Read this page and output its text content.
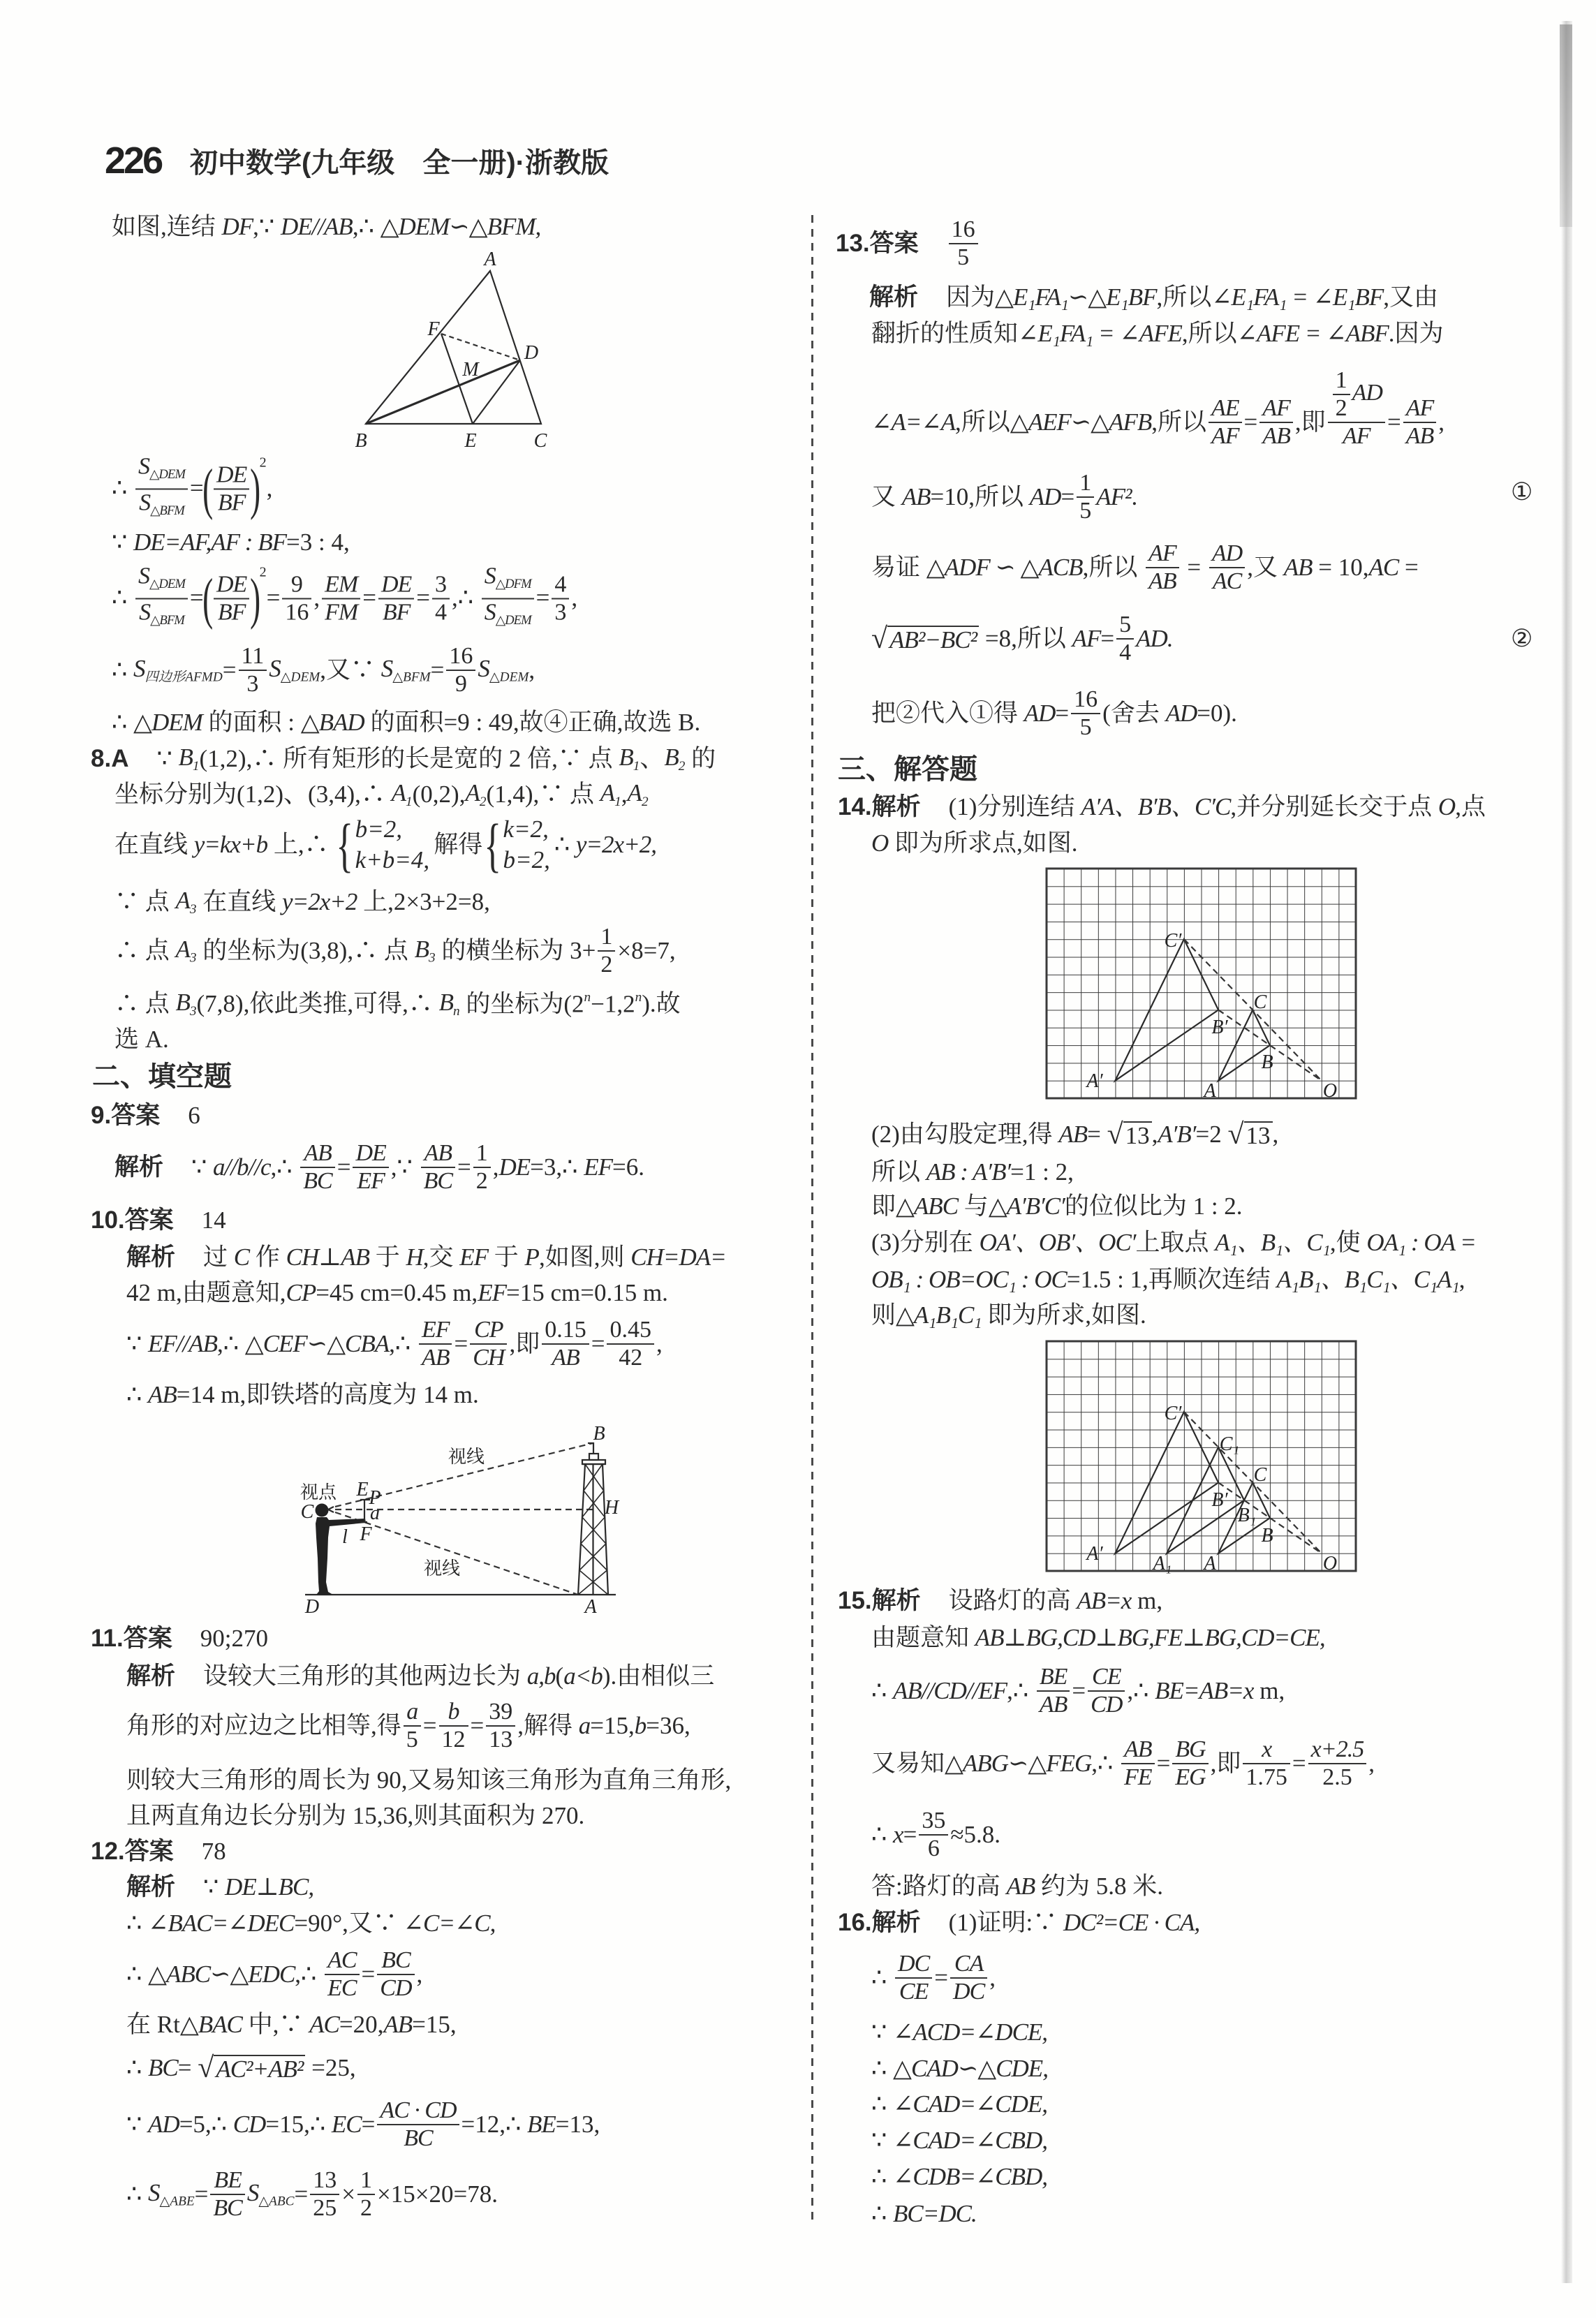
226 初中数学(九年级　全一册)·浙教版
如图,连结 DF ,∵ DE//AB ,∴ △DEM∽△BFM,
A
F
D
M
B	E	C
∴ $\frac{S_{\triangle DEM}}{S_{\triangle BFM}}$ =
( $\frac{DE}{BF}$ )
2
,
∵ DE=AF,AF : BF =3 : 4,
∴ $\frac{S_{\triangle DEM}}{S_{\triangle BFM}}$ =
( $\frac{DE}{BF}$ )
2
= $\frac{9}{16}$ , $\frac{EM}{FM} = \frac{DE}{BF} = \frac{3}{4}$ ,∴ $\frac{S_{\triangle DFM}}{S_{\triangle DEM}} = \frac{4}{3}$ ,
∴ $S_{四边形AFMD} = \frac{11}{3} S_{\triangle DEM}$ ,又∵ $S_{\triangle BFM} = \frac{16}{9} S_{\triangle DEM}$ ,
∴ △DEM 的面积 : △BAD 的面积=9 : 49,故④正确,故选 B.
8.A ∵ $B_1$ (1,2),∴ 所有矩形的长是宽的 2 倍,∵ 点 $B_1$ 、 $B_2$ 的
坐标分别为(1,2)、(3,4),∴ $A_1$ (0,2), $A_2$ (1,4),∵ 点 $A_1$ , $A_2$
在直线 y=kx+b 上,∴ { b=2,
k+b=4,
解得 { k=2,
b=2,
∴ y=2x+2,
∵ 点 $A_3$ 在直线 y=2x+2 上,2×3+2=8,
∴ 点 $A_3$ 的坐标为(3,8),∴ 点 $B_3$ 的横坐标为 $3+ \frac{1}{2} \times 8=7$,
∴ 点 $B_3$ (7,8),依此类推,可得,∴ $B_n$ 的坐标为($2^n -1,2^n$ ).故
选 A.
二、填空题
9.答案 6
解析 ∵ a//b//c ,∴ $\frac{AB}{BC} = \frac{DE}{EF}$ ,∵ $\frac{AB}{BC} = \frac{1}{2}$ , DE =3,∴ EF =6.
10.答案 14
解析 过 C 作 CH⊥AB 于 H ,交 EF 于 P ,如图,则 CH=DA=
42 m,由题意知, CP =45 cm=0.45 m, EF =15 cm=0.15 m.
∵ EF//AB ,∴ △CEF∽△CBA ,∴ $\frac{EF}{AB} = \frac{CP}{CH}$ ,即 $\frac{0.15}{AB} = \frac{0.45}{42}$ ,
∴ AB =14 m,即铁塔的高度为 14 m.
视点
C
E P
a
l F
视线
视线
B
H
D	A
11.答案 90;270
解析 设较大三角形的其他两边长为 a,b ( a<b ).由相似三
角形的对应边之比相等,得 $\frac{a}{5} = \frac{b}{12} = \frac{39}{13}$ ,解得 a =15, b =36,
则较大三角形的周长为 90,又易知该三角形为直角三角形,
且两直角边长分别为 15,36,则其面积为 270.
12.答案 78
解析 ∵ DE⊥BC,
∴ ∠BAC=∠DEC =90°,又∵ ∠C=∠C,
∴ △ABC∽△EDC ,∴ $\frac{AC}{EC} = \frac{BC}{CD}$ ,
在 Rt △BAC 中,∵ AC =20, AB =15,
∴ BC = √ AC²+AB² =25,
∵ AD =5,∴ CD =15,∴ EC = $\frac{AC \cdot CD}{BC}$ =12,∴ BE =13,
∴ $S_{\triangle ABE} = \frac{BE}{BC} S_{\triangle ABC} = \frac{13}{25} \times \frac{1}{2} \times 15\times 20=78$.
13.答案 $\frac{16}{5}$
解析 因为 △E₁FA₁∽△E₁BF ,所以 ∠E₁FA₁ = ∠E₁BF ,又由
翻折的性质知 ∠E₁FA₁ = ∠AFE ,所以 ∠AFE = ∠ABF .因为
∠A=∠A ,所以 △AEF∽△AFB ,所以 $\frac{AE}{AF} = \frac{AF}{AB}$ ,即 $\frac{\frac{1}{2} AD}{AF} = \frac{AF}{AB}$ ,
又 AB =10,所以 AD = $\frac{1}{5} AF^2$ .	①
易证 △ADF ∽ △ACB ,所以 $\frac{AF}{AB} = \frac{AD}{AC}$ ,又 AB = 10, AC =
√ AB²−BC² =8,所以 AF = $\frac{5}{4}$ AD.	②
把②代入①得 AD = $\frac{16}{5}$ (舍去 AD =0).
三、解答题
14.解析 (1)分别连结 A′A、B′B、C′C ,并分别延长交于点 O ,点
O 即为所求点,如图.
C′
B′
C
B
A′	A	O
(2)由勾股定理,得 AB = √ 13 , A′B′ =2 √ 13 ,
所以 AB : A′B′ =1 : 2,
即 △ABC 与 △A′B′C′ 的位似比为 1 : 2.
(3)分别在 OA′、OB′、OC′ 上取点 A₁、B₁、C₁ ,使 OA₁ : OA =
OB₁ : OB=OC₁ : OC =1.5 : 1,再顺次连结 A₁B₁、B₁C₁、C₁A₁ ,
则 △A₁B₁C₁ 即为所求,如图.
C′
C₁
C
B′
B₁
B
A′	A₁ A	O
15.解析 设路灯的高 AB=x m,
由题意知 AB⊥BG,CD⊥BG,FE⊥BG,CD=CE,
∴ AB//CD//EF ,∴ $\frac{BE}{AB} = \frac{CE}{CD}$ ,∴ BE=AB=x m,
又易知 △ABG∽△FEG ,∴ $\frac{AB}{FE} = \frac{BG}{EG}$ ,即 $\frac{x}{1.75} = \frac{x+2.5}{2.5}$ ,
∴ $x = \frac{35}{6} \approx 5.8$.
答:路灯的高 AB 约为 5.8 米.
16.解析 (1)证明:∵ DC²=CE · CA,
∴ $\frac{DC}{CE} = \frac{CA}{DC}$ ,
∵ ∠ACD=∠DCE,
∴ △CAD∽△CDE,
∴ ∠CAD=∠CDE,
∵ ∠CAD=∠CBD,
∴ ∠CDB=∠CBD,
∴ BC=DC.
